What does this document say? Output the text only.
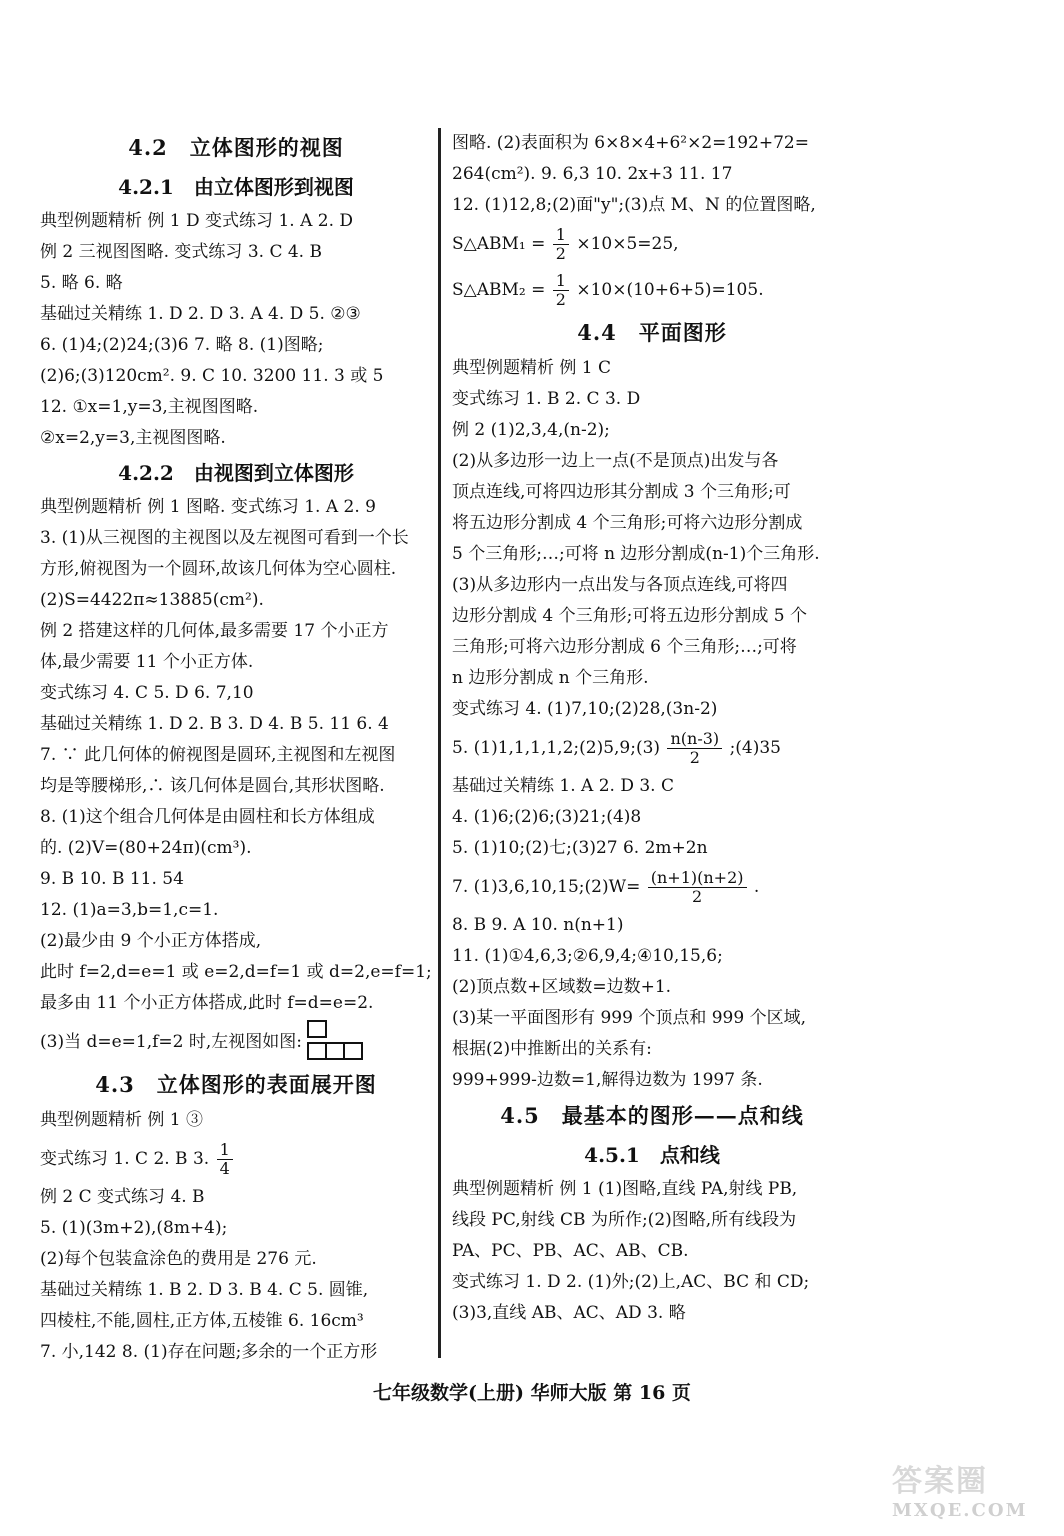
4.2　立体图形的视图
4.2.1　由立体图形到视图
典型例题精析 例 1 D 变式练习 1. A 2. D
例 2 三视图图略. 变式练习 3. C 4. B
5. 略 6. 略
基础过关精练 1. D 2. D 3. A 4. D 5. ②③
6. (1)4;(2)24;(3)6 7. 略 8. (1)图略;
(2)6;(3)120cm². 9. C 10. 3200 11. 3 或 5
12. ①x=1,y=3,主视图图略.
②x=2,y=3,主视图图略.
4.2.2　由视图到立体图形
典型例题精析 例 1 图略. 变式练习 1. A 2. 9
3. (1)从三视图的主视图以及左视图可看到一个长
方形,俯视图为一个圆环,故该几何体为空心圆柱.
(2)S=4422π≈13885(cm²).
例 2 搭建这样的几何体,最多需要 17 个小正方
体,最少需要 11 个小正方体.
变式练习 4. C 5. D 6. 7,10
基础过关精练 1. D 2. B 3. D 4. B 5. 11 6. 4
7. ∵ 此几何体的俯视图是圆环,主视图和左视图
均是等腰梯形,∴ 该几何体是圆台,其形状图略.
8. (1)这个组合几何体是由圆柱和长方体组成
的. (2)V=(80+24π)(cm³).
9. B 10. B 11. 54
12. (1)a=3,b=1,c=1.
(2)最少由 9 个小正方体搭成,
此时 f=2,d=e=1 或 e=2,d=f=1 或 d=2,e=f=1;
最多由 11 个小正方体搭成,此时 f=d=e=2.
(3)当 d=e=1,f=2 时,左视图如图:
4.3　立体图形的表面展开图
典型例题精析 例 1 ③
变式练习 1. C 2. B 3. $\frac{1}{4}$
例 2 C 变式练习 4. B
5. (1)(3m+2),(8m+4);
(2)每个包装盒涂色的费用是 276 元.
基础过关精练 1. B 2. D 3. B 4. C 5. 圆锥,
四棱柱,不能,圆柱,正方体,五棱锥 6. 16cm³
7. 小,142 8. (1)存在问题;多余的一个正方形
图略. (2)表面积为 6×8×4+6²×2=192+72=
264(cm²). 9. 6,3 10. 2x+3 11. 17
12. (1)12,8;(2)面"y";(3)点 M、N 的位置图略,
S△ABM₁ = $\frac{1}{2} \times 10\times 5=25$,
S△ABM₂ = $\frac{1}{2} \times 10\times(10+6+5)=105$.
4.4　平面图形
典型例题精析 例 1 C
变式练习 1. B 2. C 3. D
例 2 (1)2,3,4,(n-2);
(2)从多边形一边上一点(不是顶点)出发与各
顶点连线,可将四边形其分割成 3 个三角形;可
将五边形分割成 4 个三角形;可将六边形分割成
5 个三角形;…;可将 n 边形分割成(n-1)个三角形.
(3)从多边形内一点出发与各顶点连线,可将四
边形分割成 4 个三角形;可将五边形分割成 5 个
三角形;可将六边形分割成 6 个三角形;…;可将
n 边形分割成 n 个三角形.
变式练习 4. (1)7,10;(2)28,(3n-2)
5. (1)1,1,1,1,2;(2)5,9;(3) $\frac{n(n-3)}{2}$ ;(4)35
基础过关精练 1. A 2. D 3. C
4. (1)6;(2)6;(3)21;(4)8
5. (1)10;(2)七;(3)27 6. 2m+2n
7. (1)3,6,10,15;(2)W= $\frac{(n+1)(n+2)}{2}$ .
8. B 9. A 10. n(n+1)
11. (1)①4,6,3;②6,9,4;④10,15,6;
(2)顶点数+区域数=边数+1.
(3)某一平面图形有 999 个顶点和 999 个区域,
根据(2)中推断出的关系有:
999+999-边数=1,解得边数为 1997 条.
4.5　最基本的图形——点和线
4.5.1　点和线
典型例题精析 例 1 (1)图略,直线 PA,射线 PB,
线段 PC,射线 CB 为所作;(2)图略,所有线段为
PA、PC、PB、AC、AB、CB.
变式练习 1. D 2. (1)外;(2)上,AC、BC 和 CD;
(3)3,直线 AB、AC、AD 3. 略
七年级数学(上册) 华师大版 第 16 页
答案圈
MXQE.COM
